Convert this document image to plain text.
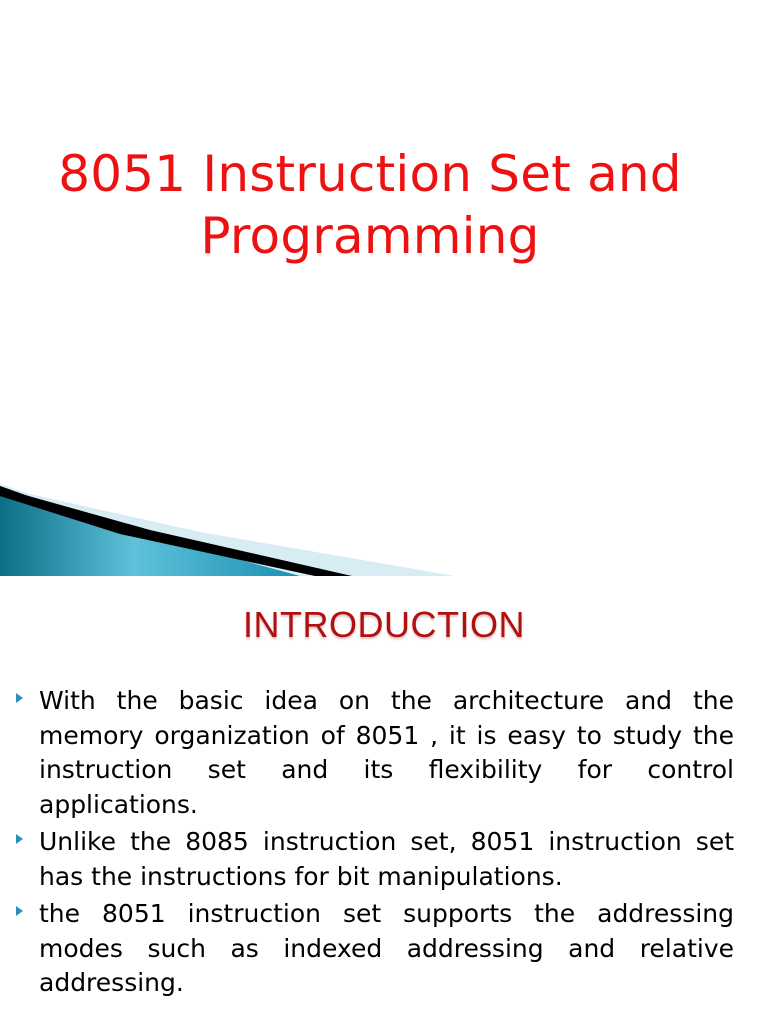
8051 Instruction Set and
Programming
INTRODUCTION
With the basic idea on the architecture and the memory organization of 8051 , it is easy to study the instruction set and its flexibility for control applications.
Unlike the 8085 instruction set, 8051 instruction set has the instructions for bit manipulations.
the 8051 instruction set supports the addressing modes such as indexed addressing and relative addressing.
